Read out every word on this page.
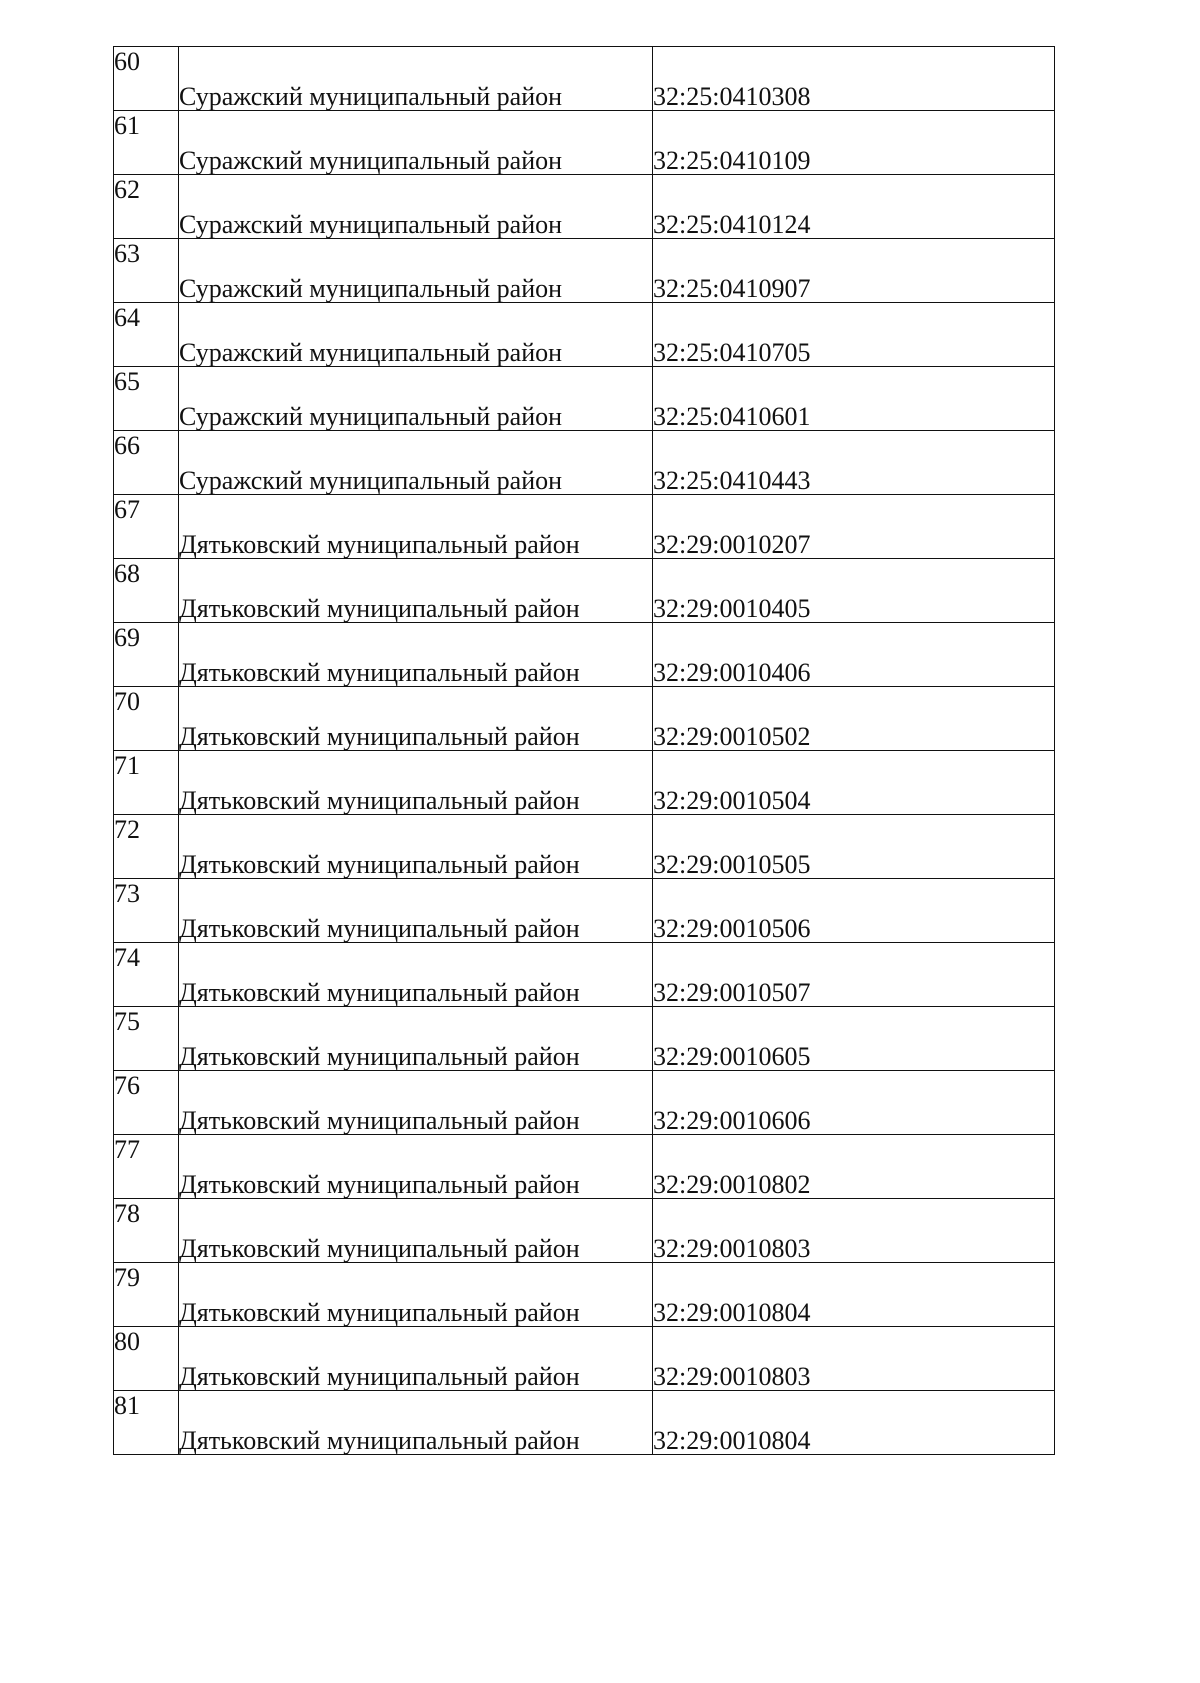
60	Суражский муниципальный район	32:25:0410308

61	Суражский муниципальный район	32:25:0410109

62	Суражский муниципальный район	32:25:0410124

63	Суражский муниципальный район	32:25:0410907

64	Суражский муниципальный район	32:25:0410705

65	Суражский муниципальный район	32:25:0410601

66	Суражский муниципальный район	32:25:0410443

67	Дятьковский муниципальный район	32:29:0010207

68	Дятьковский муниципальный район	32:29:0010405

69	Дятьковский муниципальный район	32:29:0010406

70	Дятьковский муниципальный район	32:29:0010502

71	Дятьковский муниципальный район	32:29:0010504

72	Дятьковский муниципальный район	32:29:0010505

73	Дятьковский муниципальный район	32:29:0010506

74	Дятьковский муниципальный район	32:29:0010507

75	Дятьковский муниципальный район	32:29:0010605

76	Дятьковский муниципальный район	32:29:0010606

77	Дятьковский муниципальный район	32:29:0010802

78	Дятьковский муниципальный район	32:29:0010803

79	Дятьковский муниципальный район	32:29:0010804

80	Дятьковский муниципальный район	32:29:0010803

81	Дятьковский муниципальный район	32:29:0010804
